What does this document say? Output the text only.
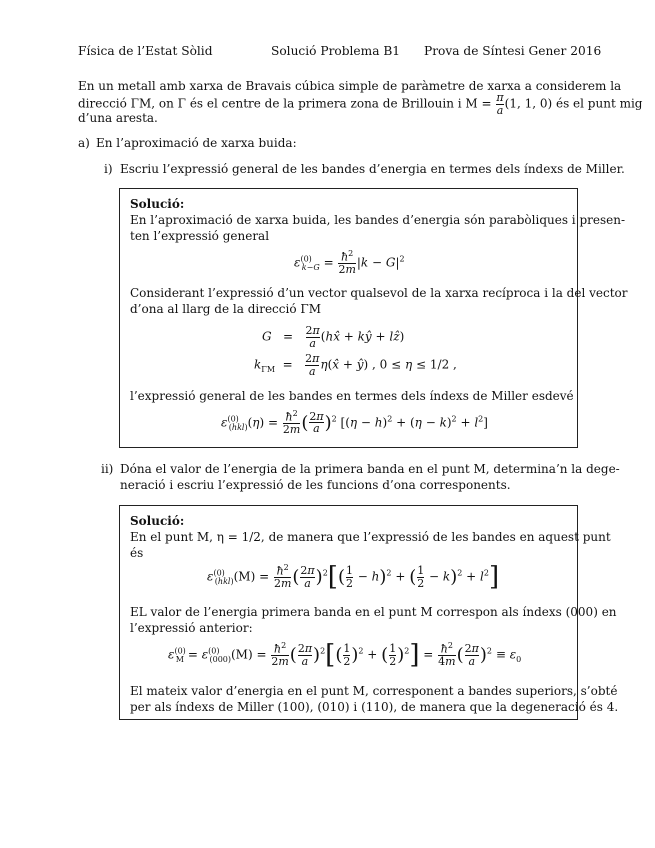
Física de l’Estat Sòlid	Solució Problema B1 Prova de Síntesi Gener 2016
En un metall amb xarxa de Bravais cúbica simple de paràmetre de xarxa a considerem la
direcció ΓM, on Γ és el centre de la primera zona de Brillouin i $M = \frac{\pi}{a} (1$, 1, 0) és el punt mig
d’una aresta.
a) En l’aproximació de xarxa buida:
i) Escriu l’expressió general de les bandes d’energia en termes dels índexs de Miller.
Solució:
En l’aproximació de xarxa buida, les bandes d’energia són parabòliques i presen-
ten l’expressió general
$\varepsilon^{(0)}_{k-G} = \frac{ħ^2}{2m} |k - G|^2$
Considerant l’expressió d’un vector qualsevol de la xarxa recíproca i la del vector
d’ona al llarg de la direcció ΓM
$G = \frac{2\pi}{a}$ (hx̂ + kŷ + lẑ)
$k_{\Gamma M} = \frac{2\pi}{a}$ η(x̂ + ŷ) , 0 ≤ η ≤ 1/2 ,
l’expressió general de les bandes en termes dels índexs de Miller esdevé
$\varepsilon^{(0)}_{(hkl)}(\eta) = \frac{ħ^2}{2m}$ ( $\frac{2\pi}{a} )^2$ $[(\eta - h)^2 + (\eta - k)^2 + l^2]$
ii) Dóna el valor de l’energia de la primera banda en el punt M, determina’n la dege-
neració i escriu l’expressió de les funcions d’ona corresponents.
Solució:
En el punt M, η = 1/2, de manera que l’expressió de les bandes en aquest punt
és
$\varepsilon^{(0)}_{(hkl)}(M) = \frac{ħ^2}{2m}$ ( $\frac{2\pi}{a} )^2[( \frac{1}{2} - h)^2$ + ( $\frac{1}{2} - k)^2 + l^2$]
EL valor de l’energia primera banda en el punt M correspon als índexs (000) en
l’expressió anterior:
$\varepsilon^{(0)}_M = \varepsilon^{(0)}_{(000)}(M) = \frac{ħ^2}{2m}$ ( $\frac{2\pi}{a} )^2[( \frac{1}{2} )^2$ + ( $\frac{1}{2} )^2] = \frac{ħ^2}{4m}$ ( $\frac{2\pi}{a} )^2 \equiv \varepsilon_0$
El mateix valor d’energia en el punt M, corresponent a bandes superiors, s’obté
per als índexs de Miller (100), (010) i (110), de manera que la degeneració és 4.
